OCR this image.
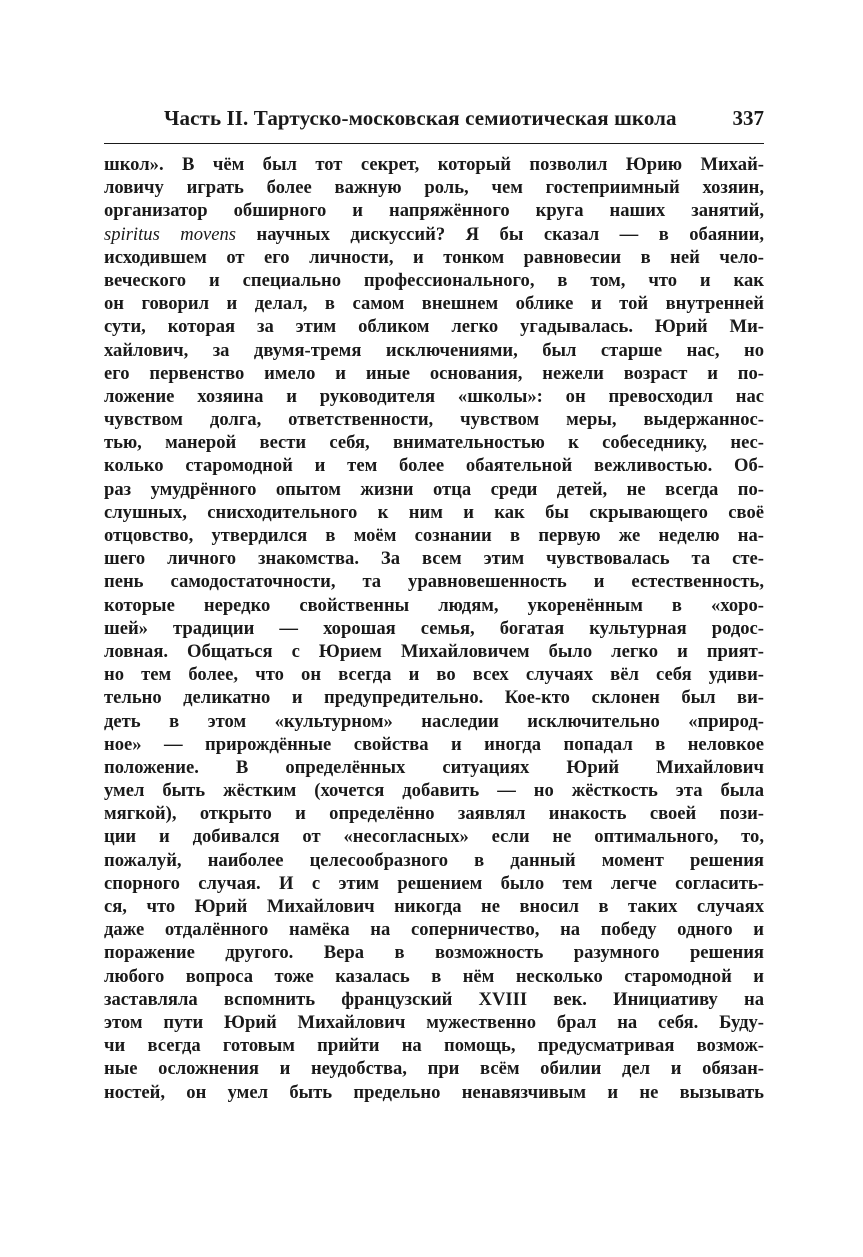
Часть II. Тартуско-московская семиотическая школа	337
школ». В чём был тот секрет, который позволил Юрию Михай-
ловичу играть более важную роль, чем гостеприимный хозяин,
организатор обширного и напряжённого круга наших занятий,
spiritus movens научных дискуссий? Я бы сказал — в обаянии,
исходившем от его личности, и тонком равновесии в ней чело-
веческого и специально профессионального, в том, что и как
он говорил и делал, в самом внешнем облике и той внутренней
сути, которая за этим обликом легко угадывалась. Юрий Ми-
хайлович, за двумя-тремя исключениями, был старше нас, но
его первенство имело и иные основания, нежели возраст и по-
ложение хозяина и руководителя «школы»: он превосходил нас
чувством долга, ответственности, чувством меры, выдержаннос-
тью, манерой вести себя, внимательностью к собеседнику, нес-
колько старомодной и тем более обаятельной вежливостью. Об-
раз умудрённого опытом жизни отца среди детей, не всегда по-
слушных, снисходительного к ним и как бы скрывающего своё
отцовство, утвердился в моём сознании в первую же неделю на-
шего личного знакомства. За всем этим чувствовалась та сте-
пень самодостаточности, та уравновешенность и естественность,
которые нередко свойственны людям, укоренённым в «хоро-
шей» традиции — хорошая семья, богатая культурная родос-
ловная. Общаться с Юрием Михайловичем было легко и прият-
но тем более, что он всегда и во всех случаях вёл себя удиви-
тельно деликатно и предупредительно. Кое-кто склонен был ви-
деть в этом «культурном» наследии исключительно «природ-
ное» — прирождённые свойства и иногда попадал в неловкое
положение. В определённых ситуациях Юрий Михайлович
умел быть жёстким (хочется добавить — но жёсткость эта была
мягкой), открыто и определённо заявлял инакость своей пози-
ции и добивался от «несогласных» если не оптимального, то,
пожалуй, наиболее целесообразного в данный момент решения
спорного случая. И с этим решением было тем легче согласить-
ся, что Юрий Михайлович никогда не вносил в таких случаях
даже отдалённого намёка на соперничество, на победу одного и
поражение другого. Вера в возможность разумного решения
любого вопроса тоже казалась в нём несколько старомодной и
заставляла вспомнить французский XVIII век. Инициативу на
этом пути Юрий Михайлович мужественно брал на себя. Буду-
чи всегда готовым прийти на помощь, предусматривая возмож-
ные осложнения и неудобства, при всём обилии дел и обязан-
ностей, он умел быть предельно ненавязчивым и не вызывать
